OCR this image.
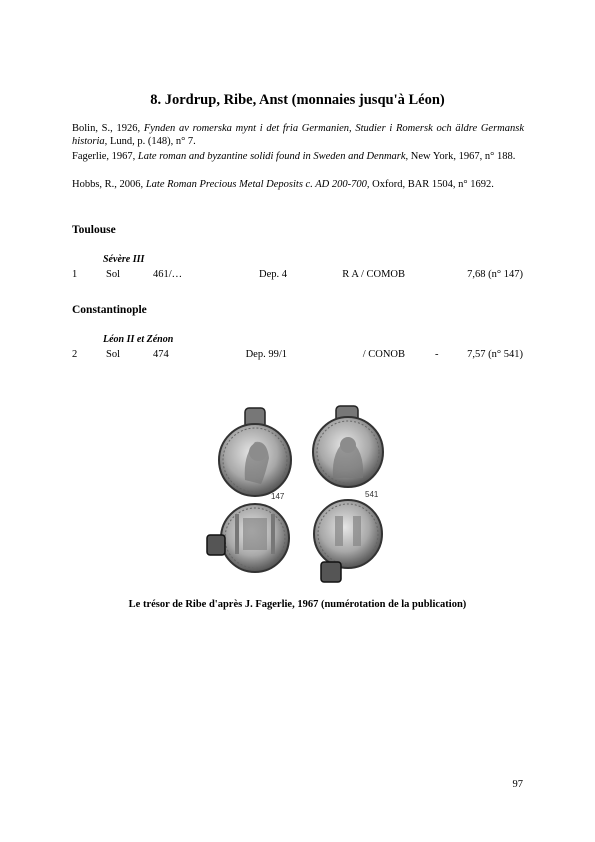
8. Jordrup, Ribe, Anst (monnaies jusqu'à Léon)
Bolin, S., 1926, Fynden av romerska mynt i det fria Germanien, Studier i Romersk och äldre Germansk historia, Lund, p. (148), n° 7.
Fagerlie, 1967, Late roman and byzantine solidi found in Sweden and Denmark, New York, 1967, n° 188.
Hobbs, R., 2006, Late Roman Precious Metal Deposits c. AD 200-700, Oxford, BAR 1504, n° 1692.
Toulouse
Sévère III
1	Sol	461/…	Dep. 4	R A / COMOB	7,68 (n° 147)
Constantinople
Léon II et Zénon
2	Sol	474	Dep. 99/1	/ CONOB	-	7,57 (n° 541)
147	541
Le trésor de Ribe d'après J. Fagerlie, 1967 (numérotation de la publication)
97
